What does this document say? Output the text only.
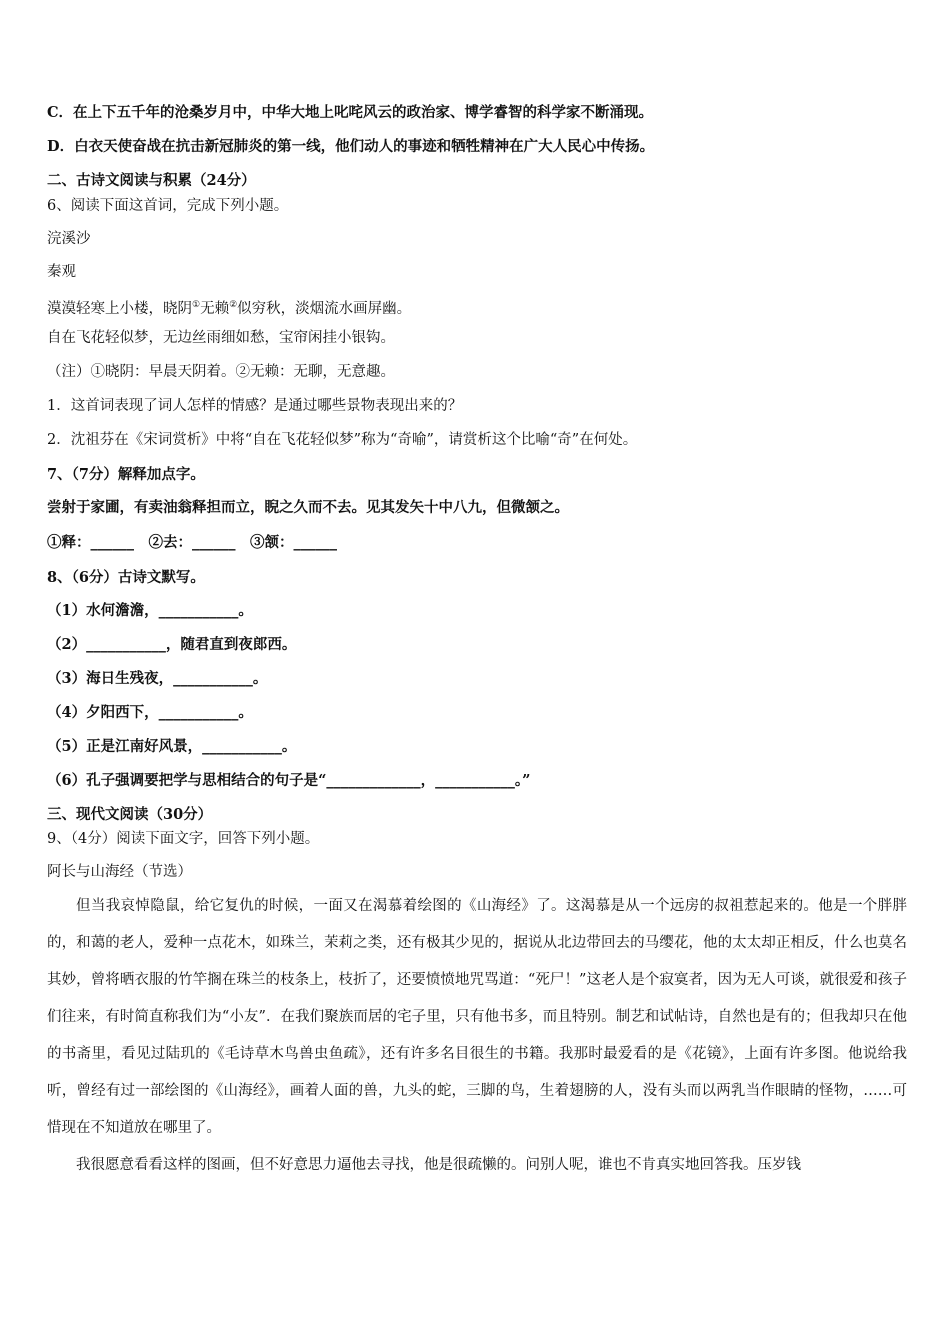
C．在上下五千年的沧桑岁月中，中华大地上叱咤风云的政治家、博学睿智的科学家不断涌现。
D．白衣天使奋战在抗击新冠肺炎的第一线，他们动人的事迹和牺牲精神在广大人民心中传扬。
二、古诗文阅读与积累（24分）
6、阅读下面这首词，完成下列小题。
浣溪沙
秦观
漠漠轻寒上小楼，晓阴①无赖②似穷秋，淡烟流水画屏幽。
自在飞花轻似梦，无边丝雨细如愁，宝帘闲挂小银钩。
（注）①晓阴：早晨天阴着。②无赖：无聊，无意趣。
1．这首词表现了词人怎样的情感？是通过哪些景物表现出来的？
2．沈祖芬在《宋词赏析》中将“自在飞花轻似梦”称为“奇喻”，请赏析这个比喻“奇”在何处。
7、（7分）解释加点字。
尝射于家圃，有卖油翁释担而立，睨之久而不去。见其发矢十中八九，但微颔之。
①释：______　②去：______　③颔：______
8、（6分）古诗文默写。
（1）水何澹澹，___________。
（2）___________，随君直到夜郎西。
（3）海日生残夜，___________。
（4）夕阳西下，___________。
（5）正是江南好风景，___________。
（6）孔子强调要把学与思相结合的句子是“_____________，___________。”
三、现代文阅读（30分）
9、（4分）阅读下面文字，回答下列小题。
阿长与山海经（节选）

但当我哀悼隐鼠，给它复仇的时候，一面又在渴慕着绘图的《山海经》了。这渴慕是从一个远房的叔祖惹起来的。他是一个胖胖的，和蔼的老人，爱种一点花木，如珠兰，茉莉之类，还有极其少见的，据说从北边带回去的马缨花，他的太太却正相反，什么也莫名其妙，曾将晒衣服的竹竿搁在珠兰的枝条上，枝折了，还要愤愤地咒骂道：“死尸！”这老人是个寂寞者，因为无人可谈，就很爱和孩子们往来，有时简直称我们为“小友”．在我们聚族而居的宅子里，只有他书多，而且特别。制艺和试帖诗，自然也是有的；但我却只在他的书斋里，看见过陆玑的《毛诗草木鸟兽虫鱼疏》，还有许多名目很生的书籍。我那时最爱看的是《花镜》，上面有许多图。他说给我听，曾经有过一部绘图的《山海经》，画着人面的兽，九头的蛇，三脚的鸟，生着翅膀的人，没有头而以两乳当作眼睛的怪物，……可惜现在不知道放在哪里了。

我很愿意看看这样的图画，但不好意思力逼他去寻找，他是很疏懒的。问别人呢，谁也不肯真实地回答我。压岁钱
